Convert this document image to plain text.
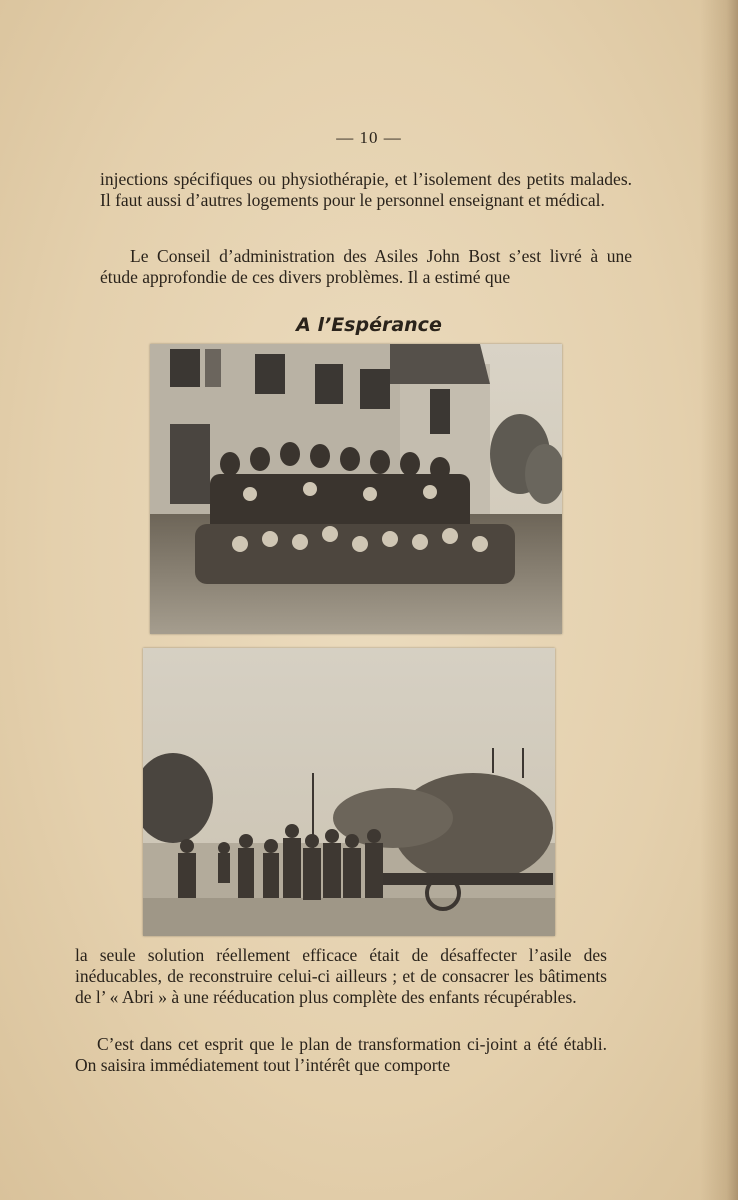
— 10 —

injections spécifiques ou physiothérapie, et l’isolement des petits malades. Il faut aussi d’autres logements pour le personnel enseignant et médical.

Le Conseil d’administration des Asiles John Bost s’est livré à une étude approfondie de ces divers problèmes. Il a estimé que

A l’Espérance

la seule solution réellement efficace était de désaffecter l’asile des inéducables, de reconstruire celui-ci ailleurs ; et de consacrer les bâtiments de l’ « Abri » à une rééducation plus complète des enfants récupérables.

C’est dans cet esprit que le plan de transformation ci-joint a été établi. On saisira immédiatement tout l’intérêt que comporte
